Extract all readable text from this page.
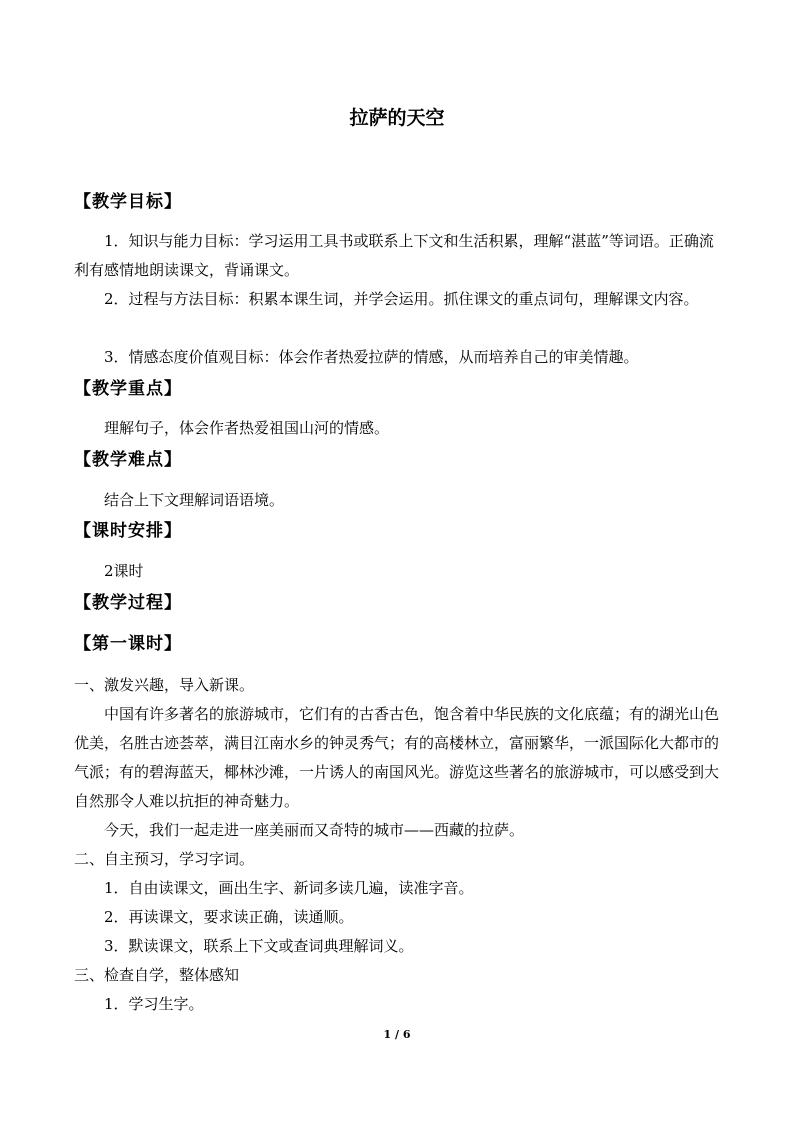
拉萨的天空
【教学目标】

1．知识与能力目标：学习运用工具书或联系上下文和生活积累，理解“湛蓝”等词语。正确流利有感情地朗读课文，背诵课文。

2．过程与方法目标：积累本课生词，并学会运用。抓住课文的重点词句，理解课文内容。

3．情感态度价值观目标：体会作者热爱拉萨的情感，从而培养自己的审美情趣。

【教学重点】
理解句子，体会作者热爱祖国山河的情感。
【教学难点】
结合上下文理解词语语境。
【课时安排】
2课时
【教学过程】
【第一课时】
一、激发兴趣，导入新课。

中国有许多著名的旅游城市，它们有的古香古色，饱含着中华民族的文化底蕴；有的湖光山色优美，名胜古迹荟萃，满目江南水乡的钟灵秀气；有的高楼林立，富丽繁华，一派国际化大都市的气派；有的碧海蓝天，椰林沙滩，一片诱人的南国风光。游览这些著名的旅游城市，可以感受到大自然那令人难以抗拒的神奇魅力。

今天，我们一起走进一座美丽而又奇特的城市——西藏的拉萨。

二、自主预习，学习字词。
1．自由读课文，画出生字、新词多读几遍，读准字音。
2．再读课文，要求读正确，读通顺。
3．默读课文，联系上下文或查词典理解词义。
三、检查自学，整体感知
1．学习生字。
1 / 6
